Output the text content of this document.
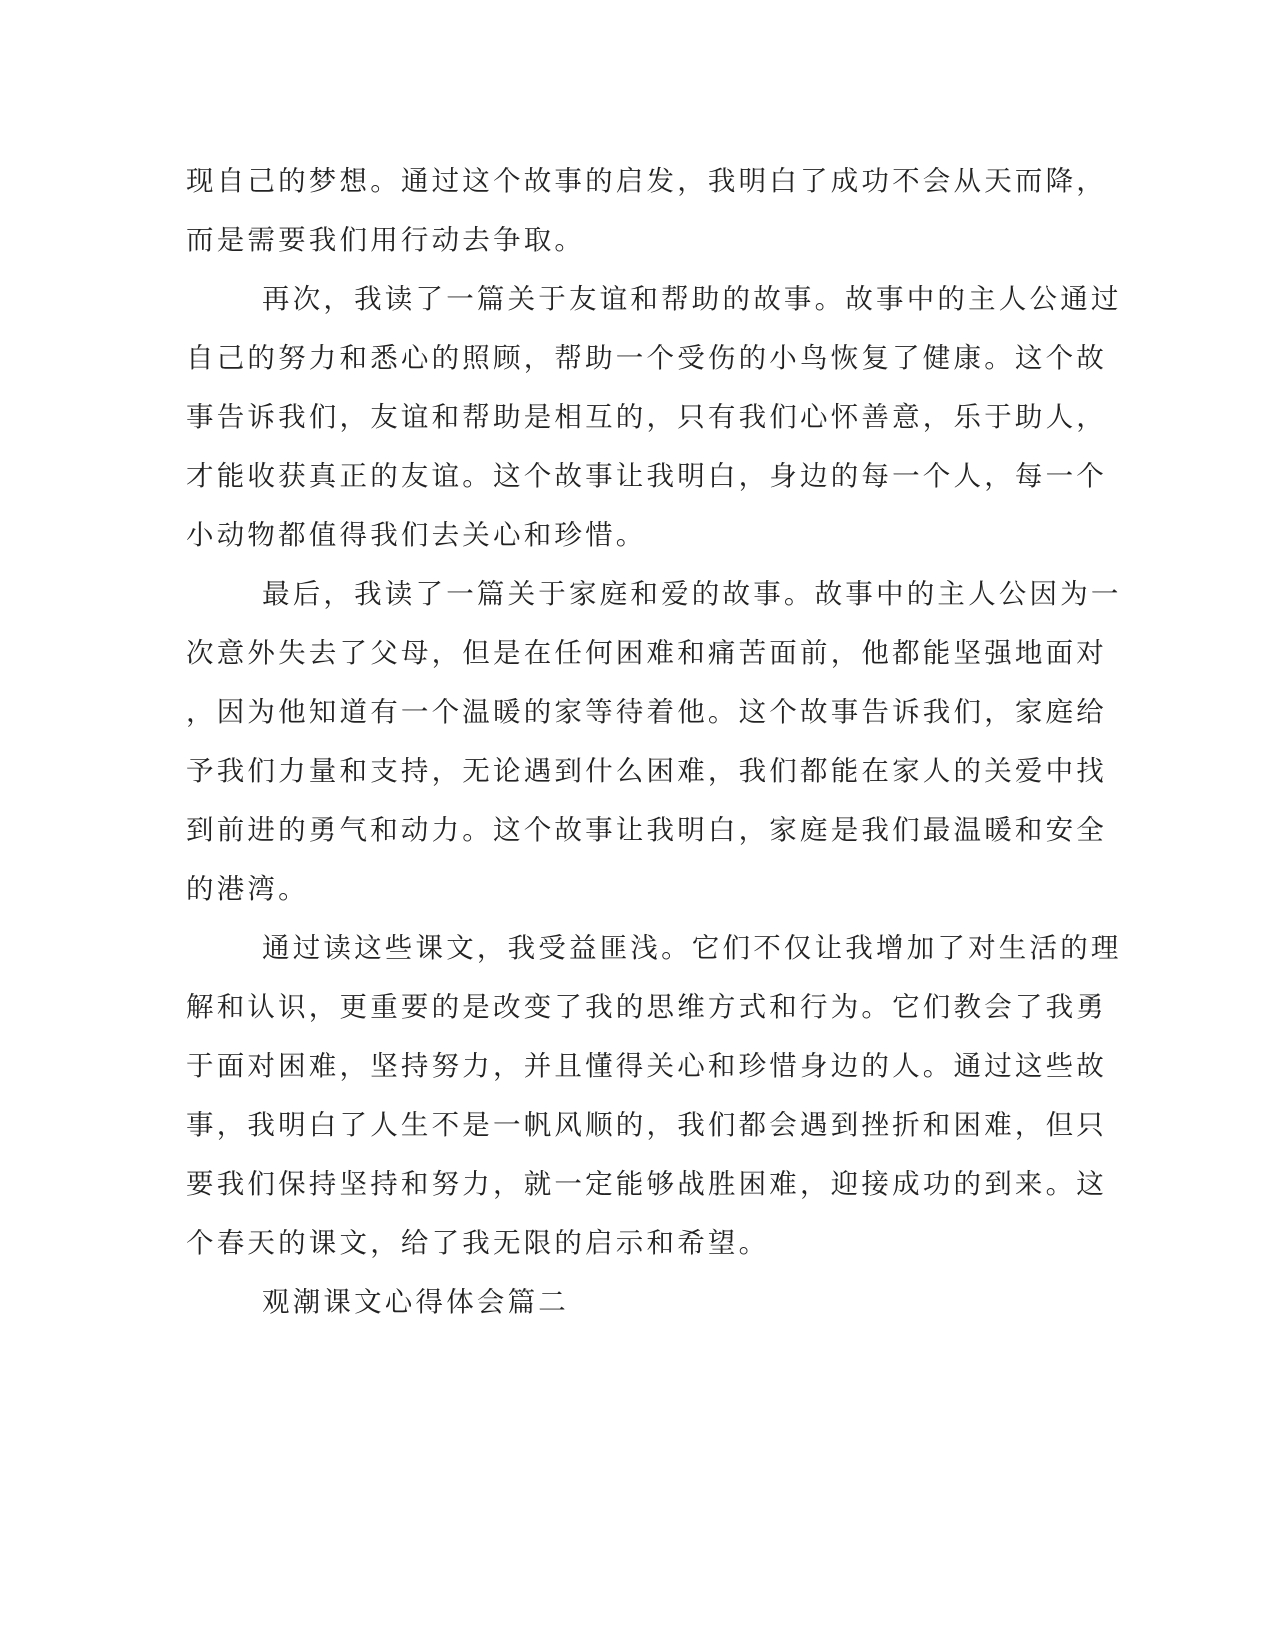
现自己的梦想。通过这个故事的启发，我明白了成功不会从天而降，
而是需要我们用行动去争取。
再次，我读了一篇关于友谊和帮助的故事。故事中的主人公通过
自己的努力和悉心的照顾，帮助一个受伤的小鸟恢复了健康。这个故
事告诉我们，友谊和帮助是相互的，只有我们心怀善意，乐于助人，
才能收获真正的友谊。这个故事让我明白，身边的每一个人，每一个
小动物都值得我们去关心和珍惜。
最后，我读了一篇关于家庭和爱的故事。故事中的主人公因为一
次意外失去了父母，但是在任何困难和痛苦面前，他都能坚强地面对
，因为他知道有一个温暖的家等待着他。这个故事告诉我们，家庭给
予我们力量和支持，无论遇到什么困难，我们都能在家人的关爱中找
到前进的勇气和动力。这个故事让我明白，家庭是我们最温暖和安全
的港湾。
通过读这些课文，我受益匪浅。它们不仅让我增加了对生活的理
解和认识，更重要的是改变了我的思维方式和行为。它们教会了我勇
于面对困难，坚持努力，并且懂得关心和珍惜身边的人。通过这些故
事，我明白了人生不是一帆风顺的，我们都会遇到挫折和困难，但只
要我们保持坚持和努力，就一定能够战胜困难，迎接成功的到来。这
个春天的课文，给了我无限的启示和希望。
观潮课文心得体会篇二
